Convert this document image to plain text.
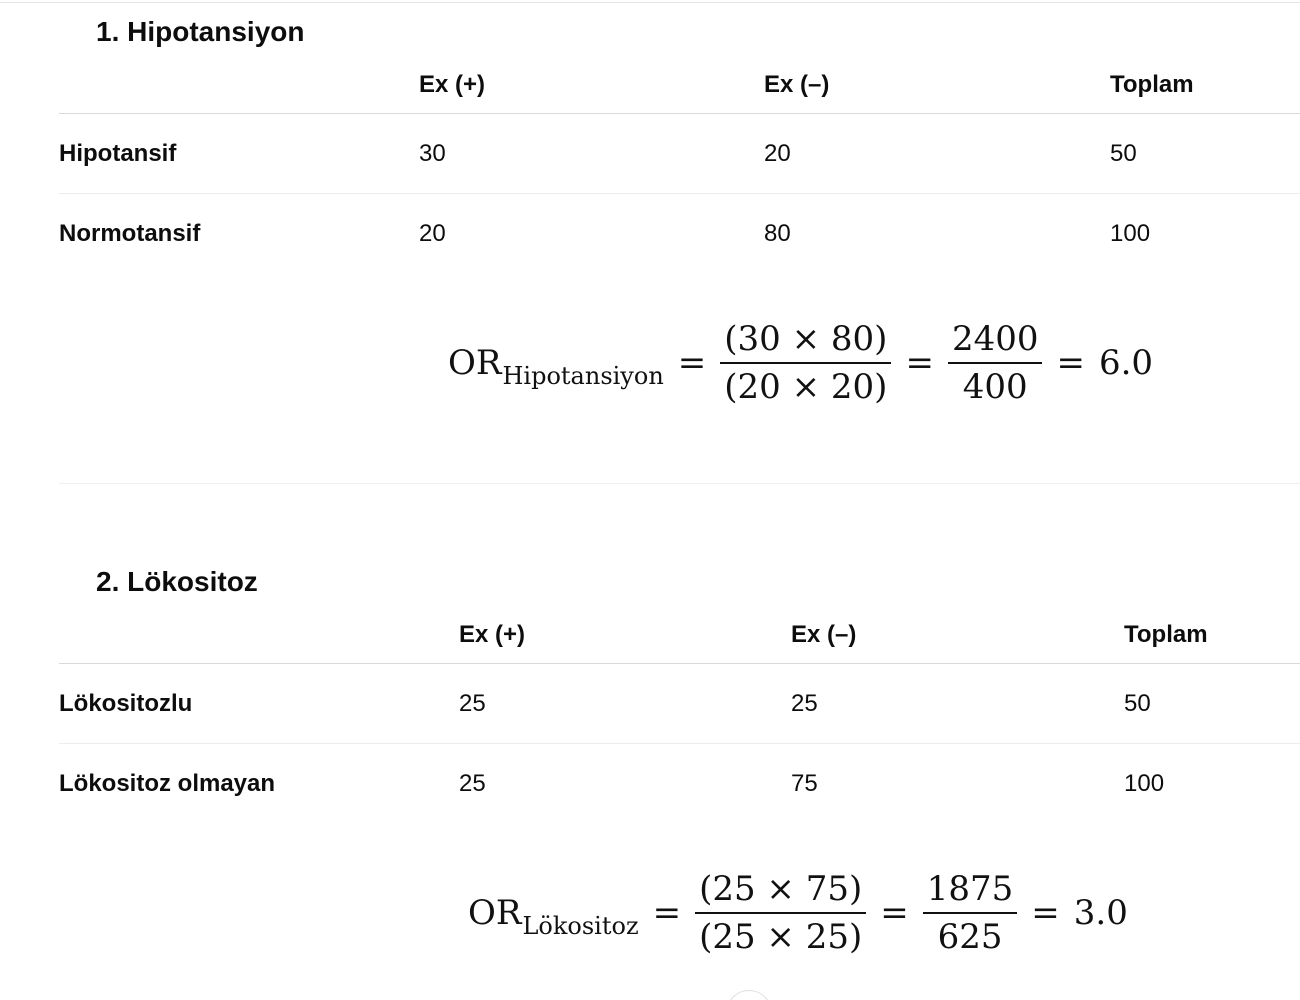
1. Hipotansiyon
	Ex (+)	Ex (–)	Toplam
Hipotansif	30	20	50
Normotansif	20	80	100
OR Hipotansiyon = $\frac{(30 \times 80)}{(20 \times 20)} = \frac{2400}{400} = 6.0$
2. Lökositoz
	Ex (+)	Ex (–)	Toplam
Lökositozlu	25	25	50
Lökositoz olmayan	25	75	100
OR Lökositoz = $\frac{(25 \times 75)}{(25 \times 25)} = \frac{1875}{625} = 3.0$
